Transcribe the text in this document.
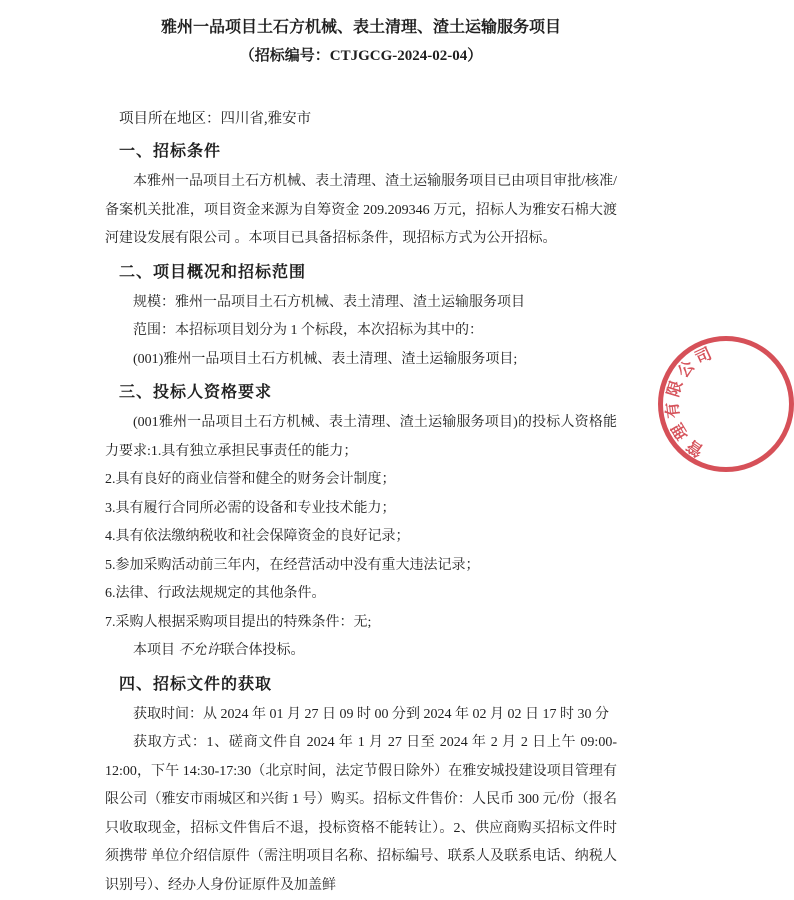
雅州一品项目土石方机械、表土清理、渣土运输服务项目

（招标编号：CTJGCG-2024-02-04）

项目所在地区：四川省,雅安市

一、招标条件

本雅州一品项目土石方机械、表土清理、渣土运输服务项目已由项目审批/核准/备案机关批准，项目资金来源为自筹资金 209.209346 万元，招标人为雅安石棉大渡河建设发展有限公司 。本项目已具备招标条件，现招标方式为公开招标。

二、项目概况和招标范围

规模：雅州一品项目土石方机械、表土清理、渣土运输服务项目

范围：本招标项目划分为 1 个标段，本次招标为其中的：

(001)雅州一品项目土石方机械、表土清理、渣土运输服务项目;

三、投标人资格要求

(001雅州一品项目土石方机械、表土清理、渣土运输服务项目)的投标人资格能力要求:1.具有独立承担民事责任的能力；

2.具有良好的商业信誉和健全的财务会计制度；

3.具有履行合同所必需的设备和专业技术能力；

4.具有依法缴纳税收和社会保障资金的良好记录；

5.参加采购活动前三年内，在经营活动中没有重大违法记录；

6.法律、行政法规规定的其他条件。

7.采购人根据采购项目提出的特殊条件：无;

本项目 不允许联合体投标。

四、招标文件的获取

获取时间：从 2024 年 01 月 27 日 09 时 00 分到 2024 年 02 月 02 日 17 时 30 分

获取方式：1、磋商文件自 2024 年 1 月 27 日至 2024 年 2 月 2 日上午 09:00-12:00，下午 14:30-17:30（北京时间，法定节假日除外）在雅安城投建设项目管理有限公司（雅安市雨城区和兴街 1 号）购买。招标文件售价：人民币 300 元/份（报名只收取现金，招标文件售后不退，投标资格不能转让）。2、供应商购买招标文件时须携带 单位介绍信原件（需注明项目名称、招标编号、联系人及联系电话、纳税人识别号）、经办人身份证原件及加盖鲜

司
公
限
有
理
管
